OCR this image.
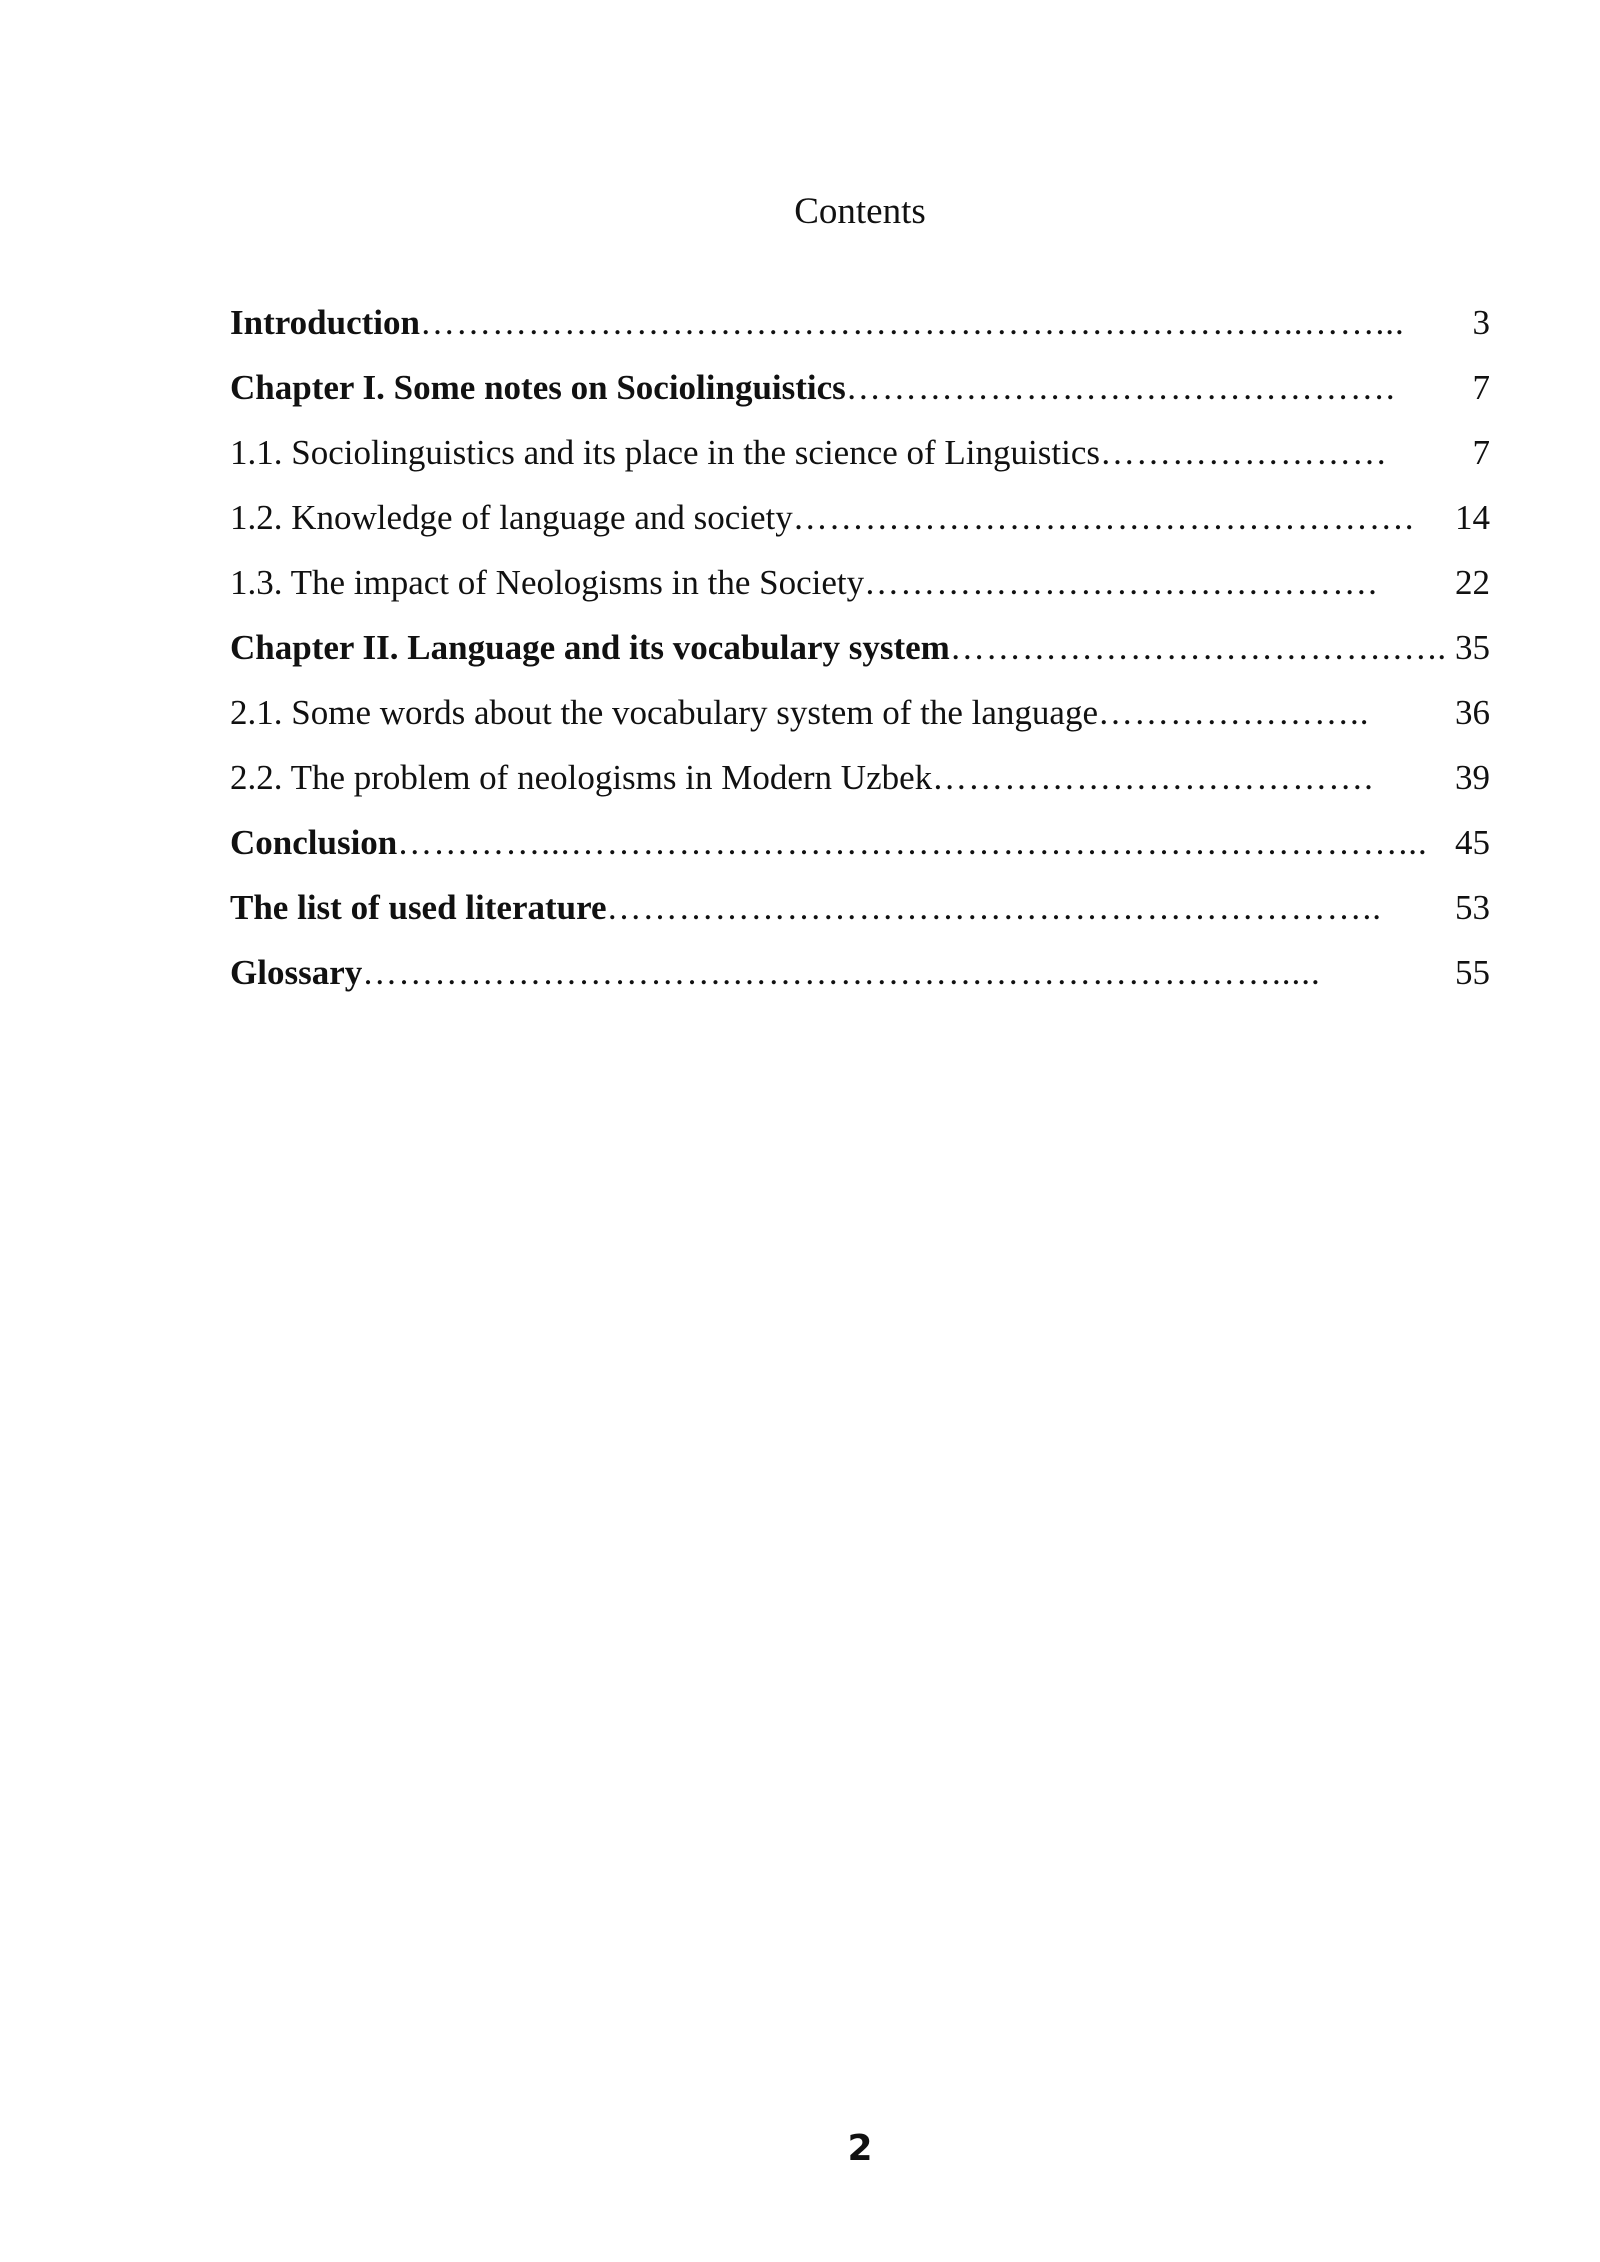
Contents
Introduction ………………………………………………………………..……...	3
Chapter I. Some notes on Sociolinguistics ……………………………………….	7
1.1. Sociolinguistics and its place in the science of Linguistics ……………………	7
1.2. Knowledge of language and society …………………………………………….	14
1.3. The impact of Neologisms in the Society …………………………………….	22
Chapter II. Language and its vocabulary system ……………………………….….. 35
2.1. Some words about the vocabulary system of the language …………………..	36
2.2. The problem of neologisms in Modern Uzbek ……………………………….	39
Conclusion …………...……………………………………………………………... 45
The list of used literature ………………………………………………………..	53
Glossary ………………………….……………………………………….....	55
2
